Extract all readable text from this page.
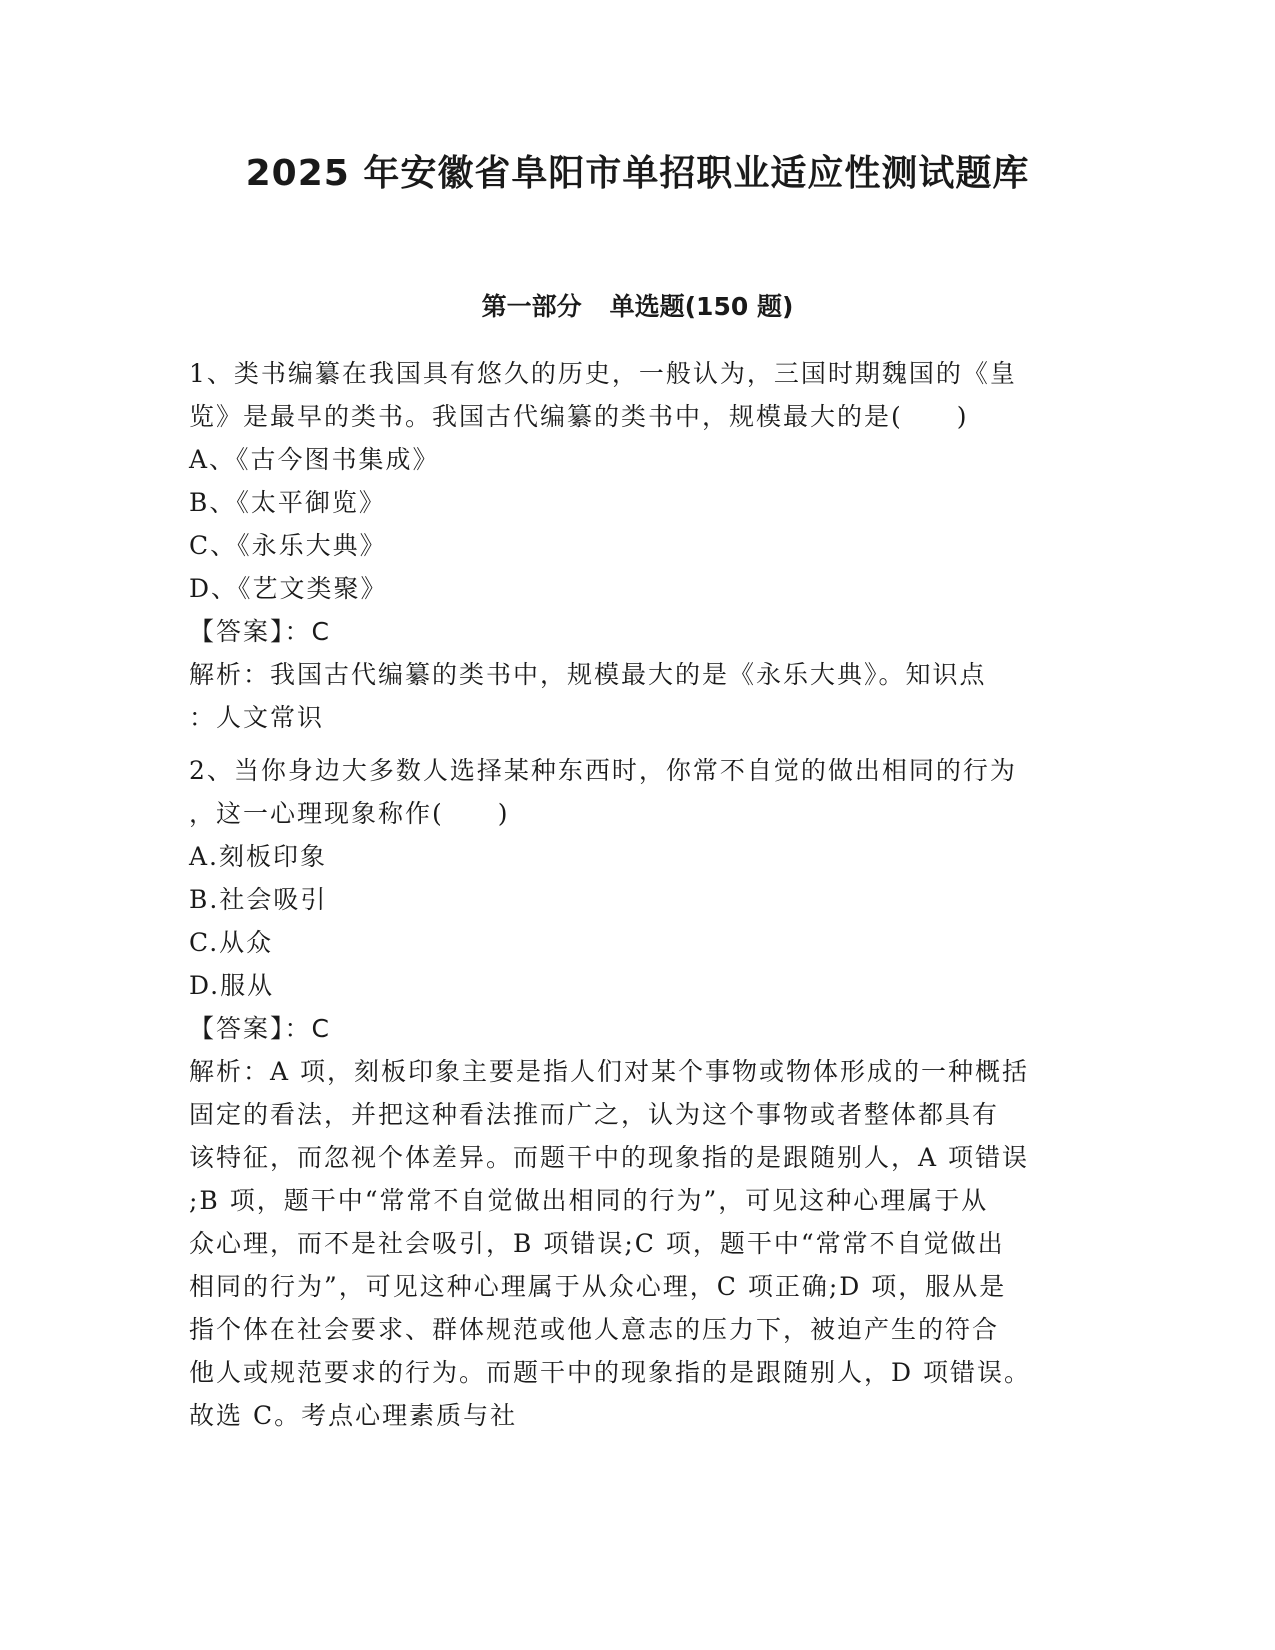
2025 年安徽省阜阳市单招职业适应性测试题库
第一部分 单选题(150 题)

1、类书编纂在我国具有悠久的历史，一般认为，三国时期魏国的《皇

览》是最早的类书。我国古代编纂的类书中，规模最大的是(　　)

A、《古今图书集成》

B、《太平御览》

C、《永乐大典》

D、《艺文类聚》

【答案】：C

解析：我国古代编纂的类书中，规模最大的是《永乐大典》。知识点

：人文常识

2、当你身边大多数人选择某种东西时，你常不自觉的做出相同的行为

，这一心理现象称作(　　)

A.刻板印象

B.社会吸引

C.从众

D.服从

【答案】：C

解析：A 项，刻板印象主要是指人们对某个事物或物体形成的一种概括

固定的看法，并把这种看法推而广之，认为这个事物或者整体都具有

该特征，而忽视个体差异。而题干中的现象指的是跟随别人，A 项错误

;B 项，题干中“常常不自觉做出相同的行为”，可见这种心理属于从

众心理，而不是社会吸引，B 项错误;C 项，题干中“常常不自觉做出

相同的行为”，可见这种心理属于从众心理，C 项正确;D 项，服从是

指个体在社会要求、群体规范或他人意志的压力下，被迫产生的符合

他人或规范要求的行为。而题干中的现象指的是跟随别人，D 项错误。

故选 C。考点心理素质与社
